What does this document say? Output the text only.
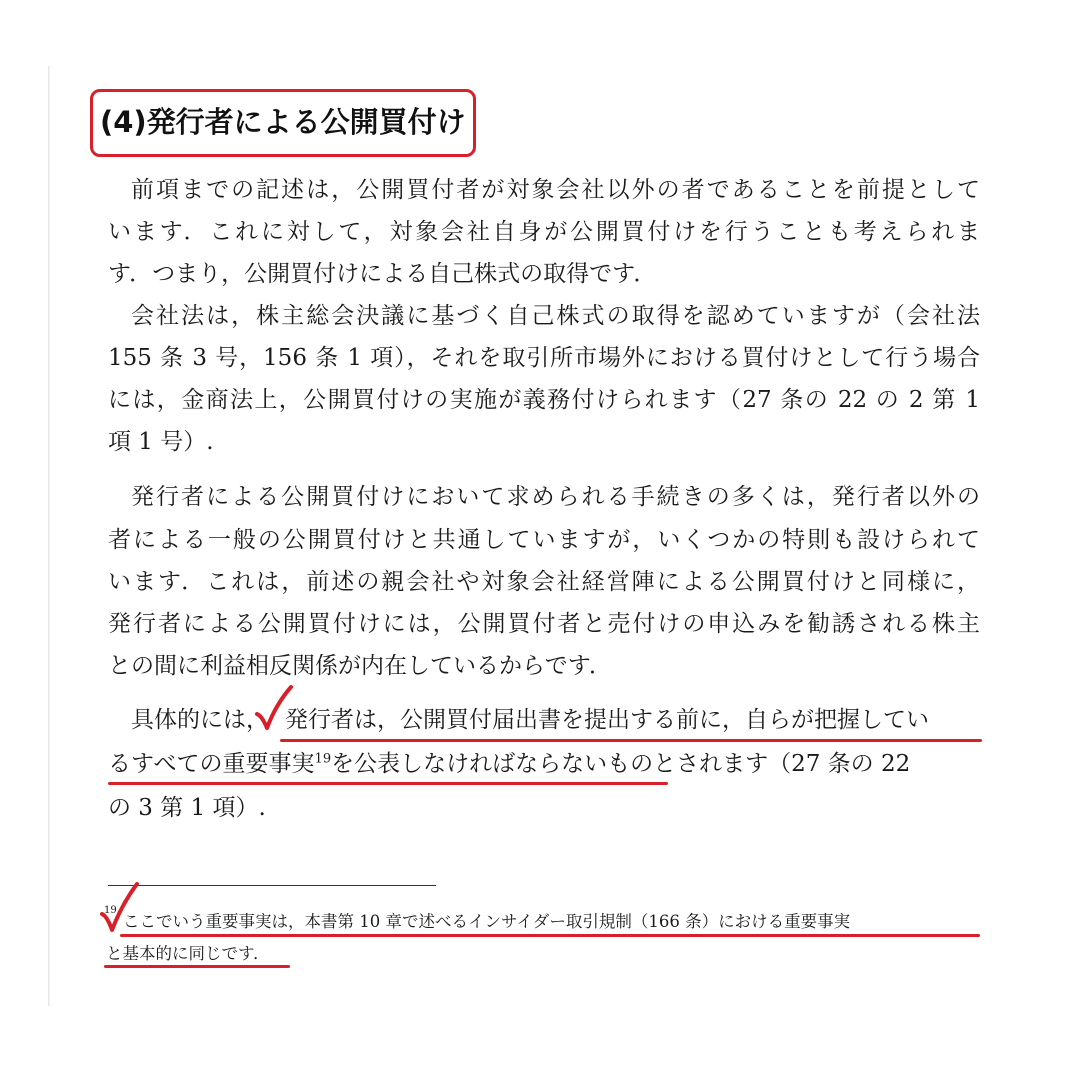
(4)発行者による公開買付け
前項までの記述は，公開買付者が対象会社以外の者であることを前提として
います．これに対して，対象会社自身が公開買付けを行うことも考えられま
す．つまり，公開買付けによる自己株式の取得です．
会社法は，株主総会決議に基づく自己株式の取得を認めていますが（会社法
155 条 3 号，156 条 1 項），それを取引所市場外における買付けとして行う場合
には，金商法上，公開買付けの実施が義務付けられます（27 条の 22 の 2 第 1
項 1 号）.
発行者による公開買付けにおいて求められる手続きの多くは，発行者以外の
者による一般の公開買付けと共通していますが，いくつかの特則も設けられて
います．これは，前述の親会社や対象会社経営陣による公開買付けと同様に，
発行者による公開買付けには，公開買付者と売付けの申込みを勧誘される株主
との間に利益相反関係が内在しているからです．
具体的には， 発行者は，公開買付届出書を提出する前に，自らが把握してい
るすべての重要事実$^{19}$を公表しなければならないものとされます（27 条の 22
の 3 第 1 項）.
19
ここでいう重要事実は，本書第 10 章で述べるインサイダー取引規制（166 条）における重要事実
と基本的に同じです．
